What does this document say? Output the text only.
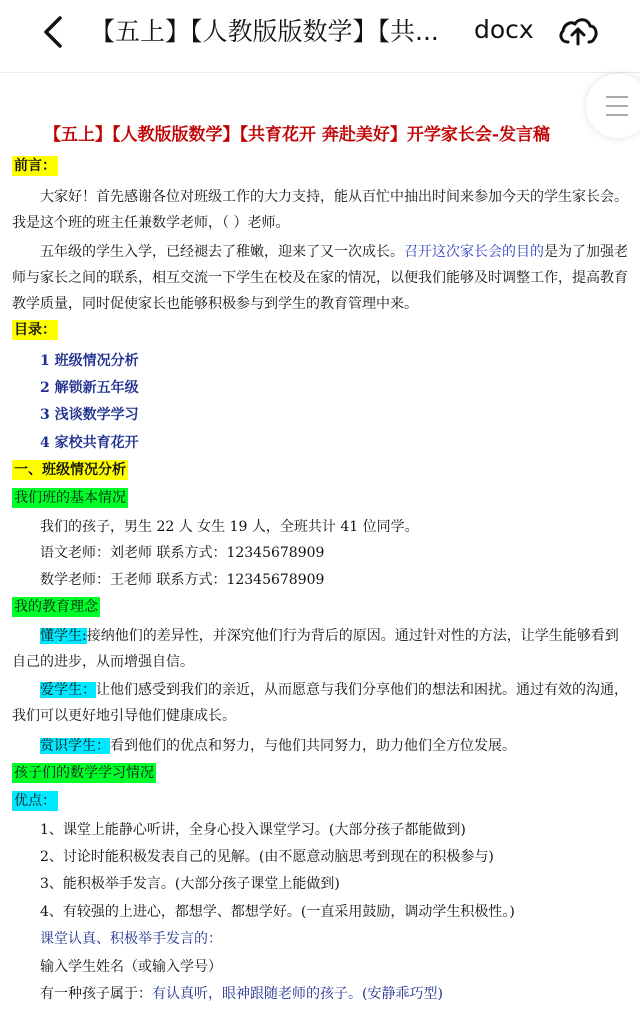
【五上】【人教版版数学】【共...	docx
【五上】【人教版版数学】【共育花开 奔赴美好】开学家长会-发言稿
前言：
大家好！首先感谢各位对班级工作的大力支持，能从百忙中抽出时间来参加今天的学生家长会。
我是这个班的班主任兼数学老师，（ ）老师。
五年级的学生入学，已经褪去了稚嫩，迎来了又一次成长。召开这次家长会的目的是为了加强老
师与家长之间的联系，相互交流一下学生在校及在家的情况，以便我们能够及时调整工作，提高教育
教学质量，同时促使家长也能够积极参与到学生的教育管理中来。
目录：
1 班级情况分析
2 解锁新五年级
3 浅谈数学学习
4 家校共育花开
一、班级情况分析
我们班的基本情况
我们的孩子，男生 22 人 女生 19 人，全班共计 41 位同学。
语文老师：刘老师 联系方式：12345678909
数学老师：王老师 联系方式：12345678909
我的教育理念
懂学生:接纳他们的差异性，并深究他们行为背后的原因。通过针对性的方法，让学生能够看到
自己的进步，从而增强自信。
爱学生：让他们感受到我们的亲近，从而愿意与我们分享他们的想法和困扰。通过有效的沟通，
我们可以更好地引导他们健康成长。
赏识学生：看到他们的优点和努力，与他们共同努力，助力他们全方位发展。
孩子们的数学学习情况
优点：
1、课堂上能静心听讲，全身心投入课堂学习。(大部分孩子都能做到)
2、讨论时能积极发表自己的见解。(由不愿意动脑思考到现在的积极参与)
3、能积极举手发言。(大部分孩子课堂上能做到)
4、有较强的上进心，都想学、都想学好。(一直采用鼓励，调动学生积极性。)
课堂认真、积极举手发言的：
输入学生姓名（或输入学号）
有一种孩子属于：有认真听，眼神跟随老师的孩子。(安静乖巧型)
